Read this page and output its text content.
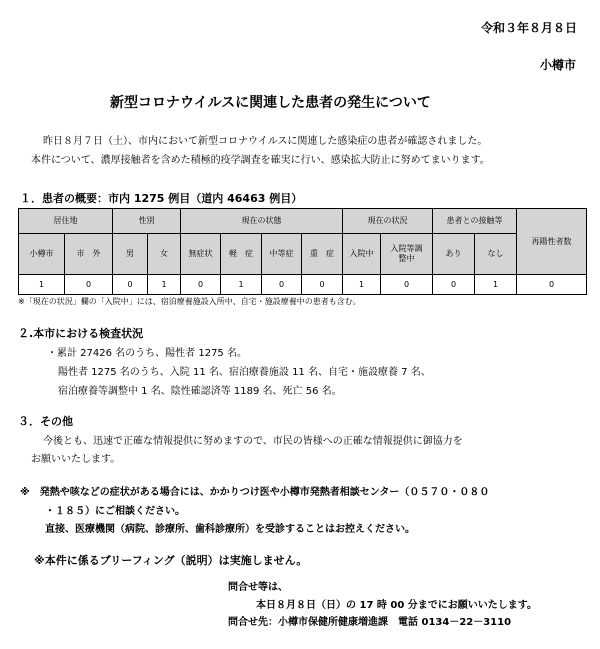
令和３年８月８日
小樽市
新型コロナウイルスに関連した患者の発生について
昨日８月７日（土）、市内において新型コロナウイルスに関連した感染症の患者が確認されました。
本件について、濃厚接触者を含めた積極的疫学調査を確実に行い、感染拡大防止に努めてまいります。
１．患者の概要：市内 1275 例目（道内 46463 例目）
居住地		性別		現在の状態				現在の状況		患者との接触等		再陽性者数
小樽市	市　外	男	女	無症状	軽　症	中等症	重　症	入院中	入院等調整中	あり	なし	
1	0	0	1	0	1	0	0	1	0	0	1	0
※「現在の状況」欄の「入院中」には、宿泊療養施設入所中、自宅・施設療養中の患者も含む。
２.本市における検査状況
・累計 27426 名のうち、陽性者 1275 名。
陽性者 1275 名のうち、入院 11 名、宿泊療養施設 11 名、自宅・施設療養 7 名、
宿泊療養等調整中 1 名、陰性確認済等 1189 名、死亡 56 名。
３．その他
今後とも、迅速で正確な情報提供に努めますので、市民の皆様への正確な情報提供に御協力を
お願いいたします。
※　発熱や咳などの症状がある場合には、かかりつけ医や小樽市発熱者相談センター（０５７０・０８０
・１８５）にご相談ください。
直接、医療機関（病院、診療所、歯科診療所）を受診することはお控えください。
※本件に係るブリーフィング（説明）は実施しません。
問合せ等は、
本日８月８日（日）の 17 時 00 分までにお願いいたします。
問合せ先：小樽市保健所健康増進課　電話 0134－22－3110
